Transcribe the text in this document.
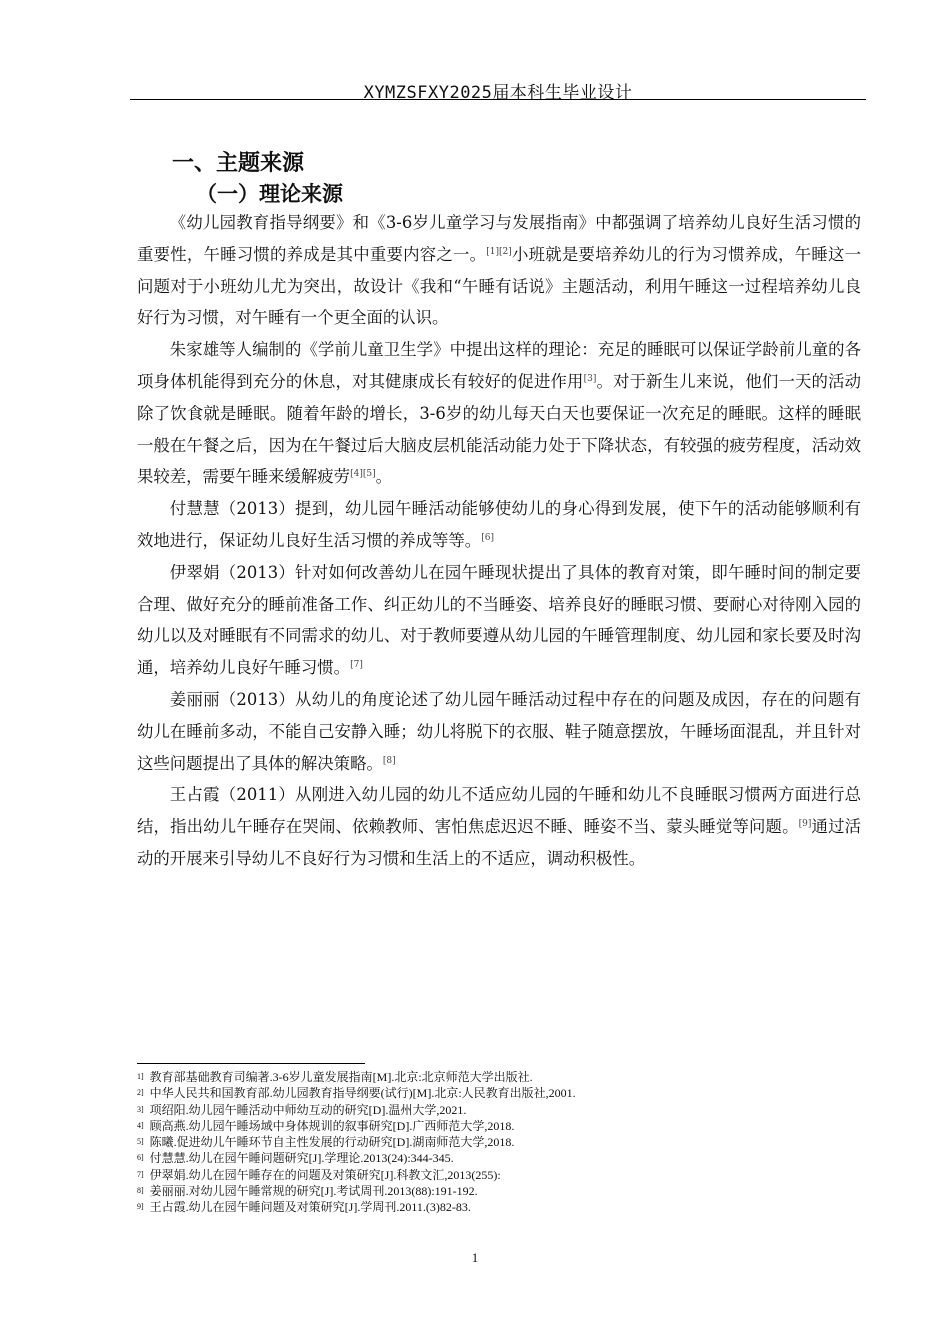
XYMZSFXY2025届本科生毕业设计
一、主题来源
（一）理论来源

《幼儿园教育指导纲要》和《3-6岁儿童学习与发展指南》中都强调了培养幼儿良好生活习惯的重要性，午睡习惯的养成是其中重要内容之一。[1][2]小班就是要培养幼儿的行为习惯养成，午睡这一问题对于小班幼儿尤为突出，故设计《我和“午睡有话说》主题活动，利用午睡这一过程培养幼儿良好行为习惯，对午睡有一个更全面的认识。

朱家雄等人编制的《学前儿童卫生学》中提出这样的理论：充足的睡眠可以保证学龄前儿童的各项身体机能得到充分的休息，对其健康成长有较好的促进作用[3]。对于新生儿来说，他们一天的活动除了饮食就是睡眠。随着年龄的增长，3-6岁的幼儿每天白天也要保证一次充足的睡眠。这样的睡眠一般在午餐之后，因为在午餐过后大脑皮层机能活动能力处于下降状态，有较强的疲劳程度，活动效果较差，需要午睡来缓解疲劳[4][5]。

付慧慧（2013）提到，幼儿园午睡活动能够使幼儿的身心得到发展，使下午的活动能够顺利有效地进行，保证幼儿良好生活习惯的养成等等。[6]

伊翠娟（2013）针对如何改善幼儿在园午睡现状提出了具体的教育对策，即午睡时间的制定要合理、做好充分的睡前准备工作、纠正幼儿的不当睡姿、培养良好的睡眠习惯、要耐心对待刚入园的幼儿以及对睡眠有不同需求的幼儿、对于教师要遵从幼儿园的午睡管理制度、幼儿园和家长要及时沟通，培养幼儿良好午睡习惯。[7]

姜丽丽（2013）从幼儿的角度论述了幼儿园午睡活动过程中存在的问题及成因，存在的问题有幼儿在睡前多动，不能自己安静入睡；幼儿将脱下的衣服、鞋子随意摆放，午睡场面混乱，并且针对这些问题提出了具体的解决策略。[8]

王占霞（2011）从刚进入幼儿园的幼儿不适应幼儿园的午睡和幼儿不良睡眠习惯两方面进行总结，指出幼儿午睡存在哭闹、依赖教师、害怕焦虑迟迟不睡、睡姿不当、蒙头睡觉等问题。[9]通过活动的开展来引导幼儿不良好行为习惯和生活上的不适应，调动积极性。

$^{1]}$ 教育部基础教育司编著.3-6岁儿童发展指南[M].北京:北京师范大学出版社.
$^{2]}$ 中华人民共和国教育部.幼儿园教育指导纲要(试行)[M].北京:人民教育出版社,2001.
$^{3]}$ 项绍阳.幼儿园午睡活动中师幼互动的研究[D].温州大学,2021.
$^{4]}$ 顾高燕.幼儿园午睡场域中身体规训的叙事研究[D].广西师范大学,2018.
$^{5]}$ 陈曦.促进幼儿午睡环节自主性发展的行动研究[D].湖南师范大学,2018.
$^{6]}$ 付慧慧.幼儿在园午睡问题研究[J].学理论.2013(24):344-345.
$^{7]}$ 伊翠娟.幼儿在园午睡存在的问题及对策研究[J].科教文汇,2013(255):
$^{8]}$ 姜丽丽.对幼儿园午睡常规的研究[J].考试周刊.2013(88):191-192.
$^{9]}$ 王占霞.幼儿在园午睡问题及对策研究[J].学周刊.2011.(3)82-83.
1
